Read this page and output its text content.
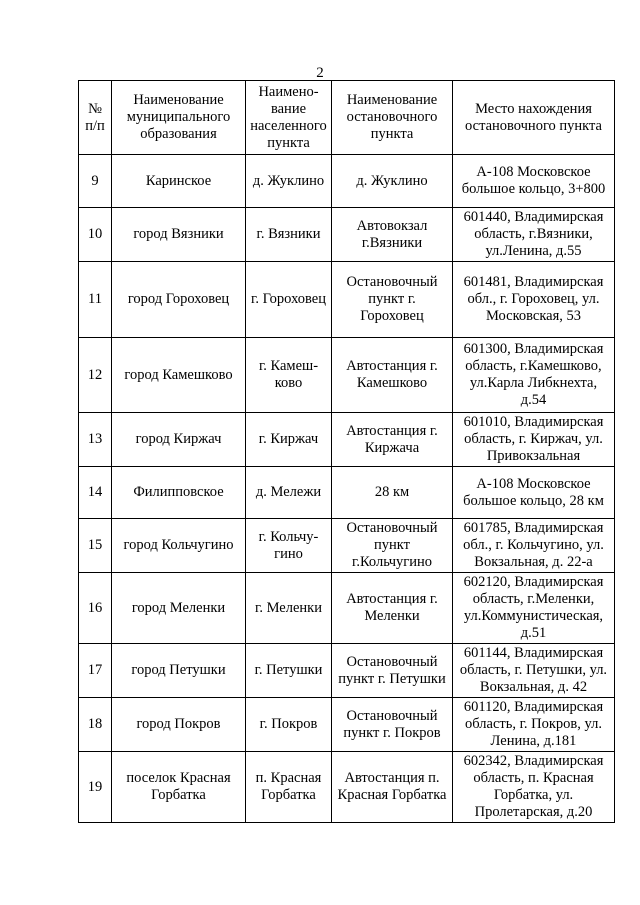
2
№ п/п	Наименование муниципального образования	Наимено-вание населенного пункта	Наименование остановочного пункта	Место нахождения остановочного пункта
9	Каринское	д. Жуклино	д. Жуклино	А-108 Московское большое кольцо, 3+800
10	город Вязники	г. Вязники	Автовокзал г.Вязники	601440, Владимирская область, г.Вязники, ул.Ленина, д.55
11	город Гороховец	г. Гороховец	Остановочный пункт г. Гороховец	601481, Владимирская обл., г. Гороховец, ул. Московская, 53
12	город Камешково	г. Камеш-ково	Автостанция г. Камешково	601300, Владимирская область, г.Камешково, ул.Карла Либкнехта, д.54
13	город Киржач	г. Киржач	Автостанция г. Киржача	601010, Владимирская область, г. Киржач, ул. Привокзальная
14	Филипповское	д. Мележи	28 км	А-108 Московское большое кольцо, 28 км
15	город Кольчугино	г. Кольчу-гино	Остановочный пункт г.Кольчугино	601785, Владимирская обл., г. Кольчугино, ул. Вокзальная, д. 22-а
16	город Меленки	г. Меленки	Автостанция г. Меленки	602120, Владимирская область, г.Меленки, ул.Коммунистическая, д.51
17	город Петушки	г. Петушки	Остановочный пункт г. Петушки	601144, Владимирская область, г. Петушки, ул. Вокзальная, д. 42
18	город Покров	г. Покров	Остановочный пункт г. Покров	601120, Владимирская область, г. Покров, ул. Ленина, д.181
19	поселок Красная Горбатка	п. Красная Горбатка	Автостанция п. Красная Горбатка	602342, Владимирская область, п. Красная Горбатка, ул. Пролетарская, д.20
